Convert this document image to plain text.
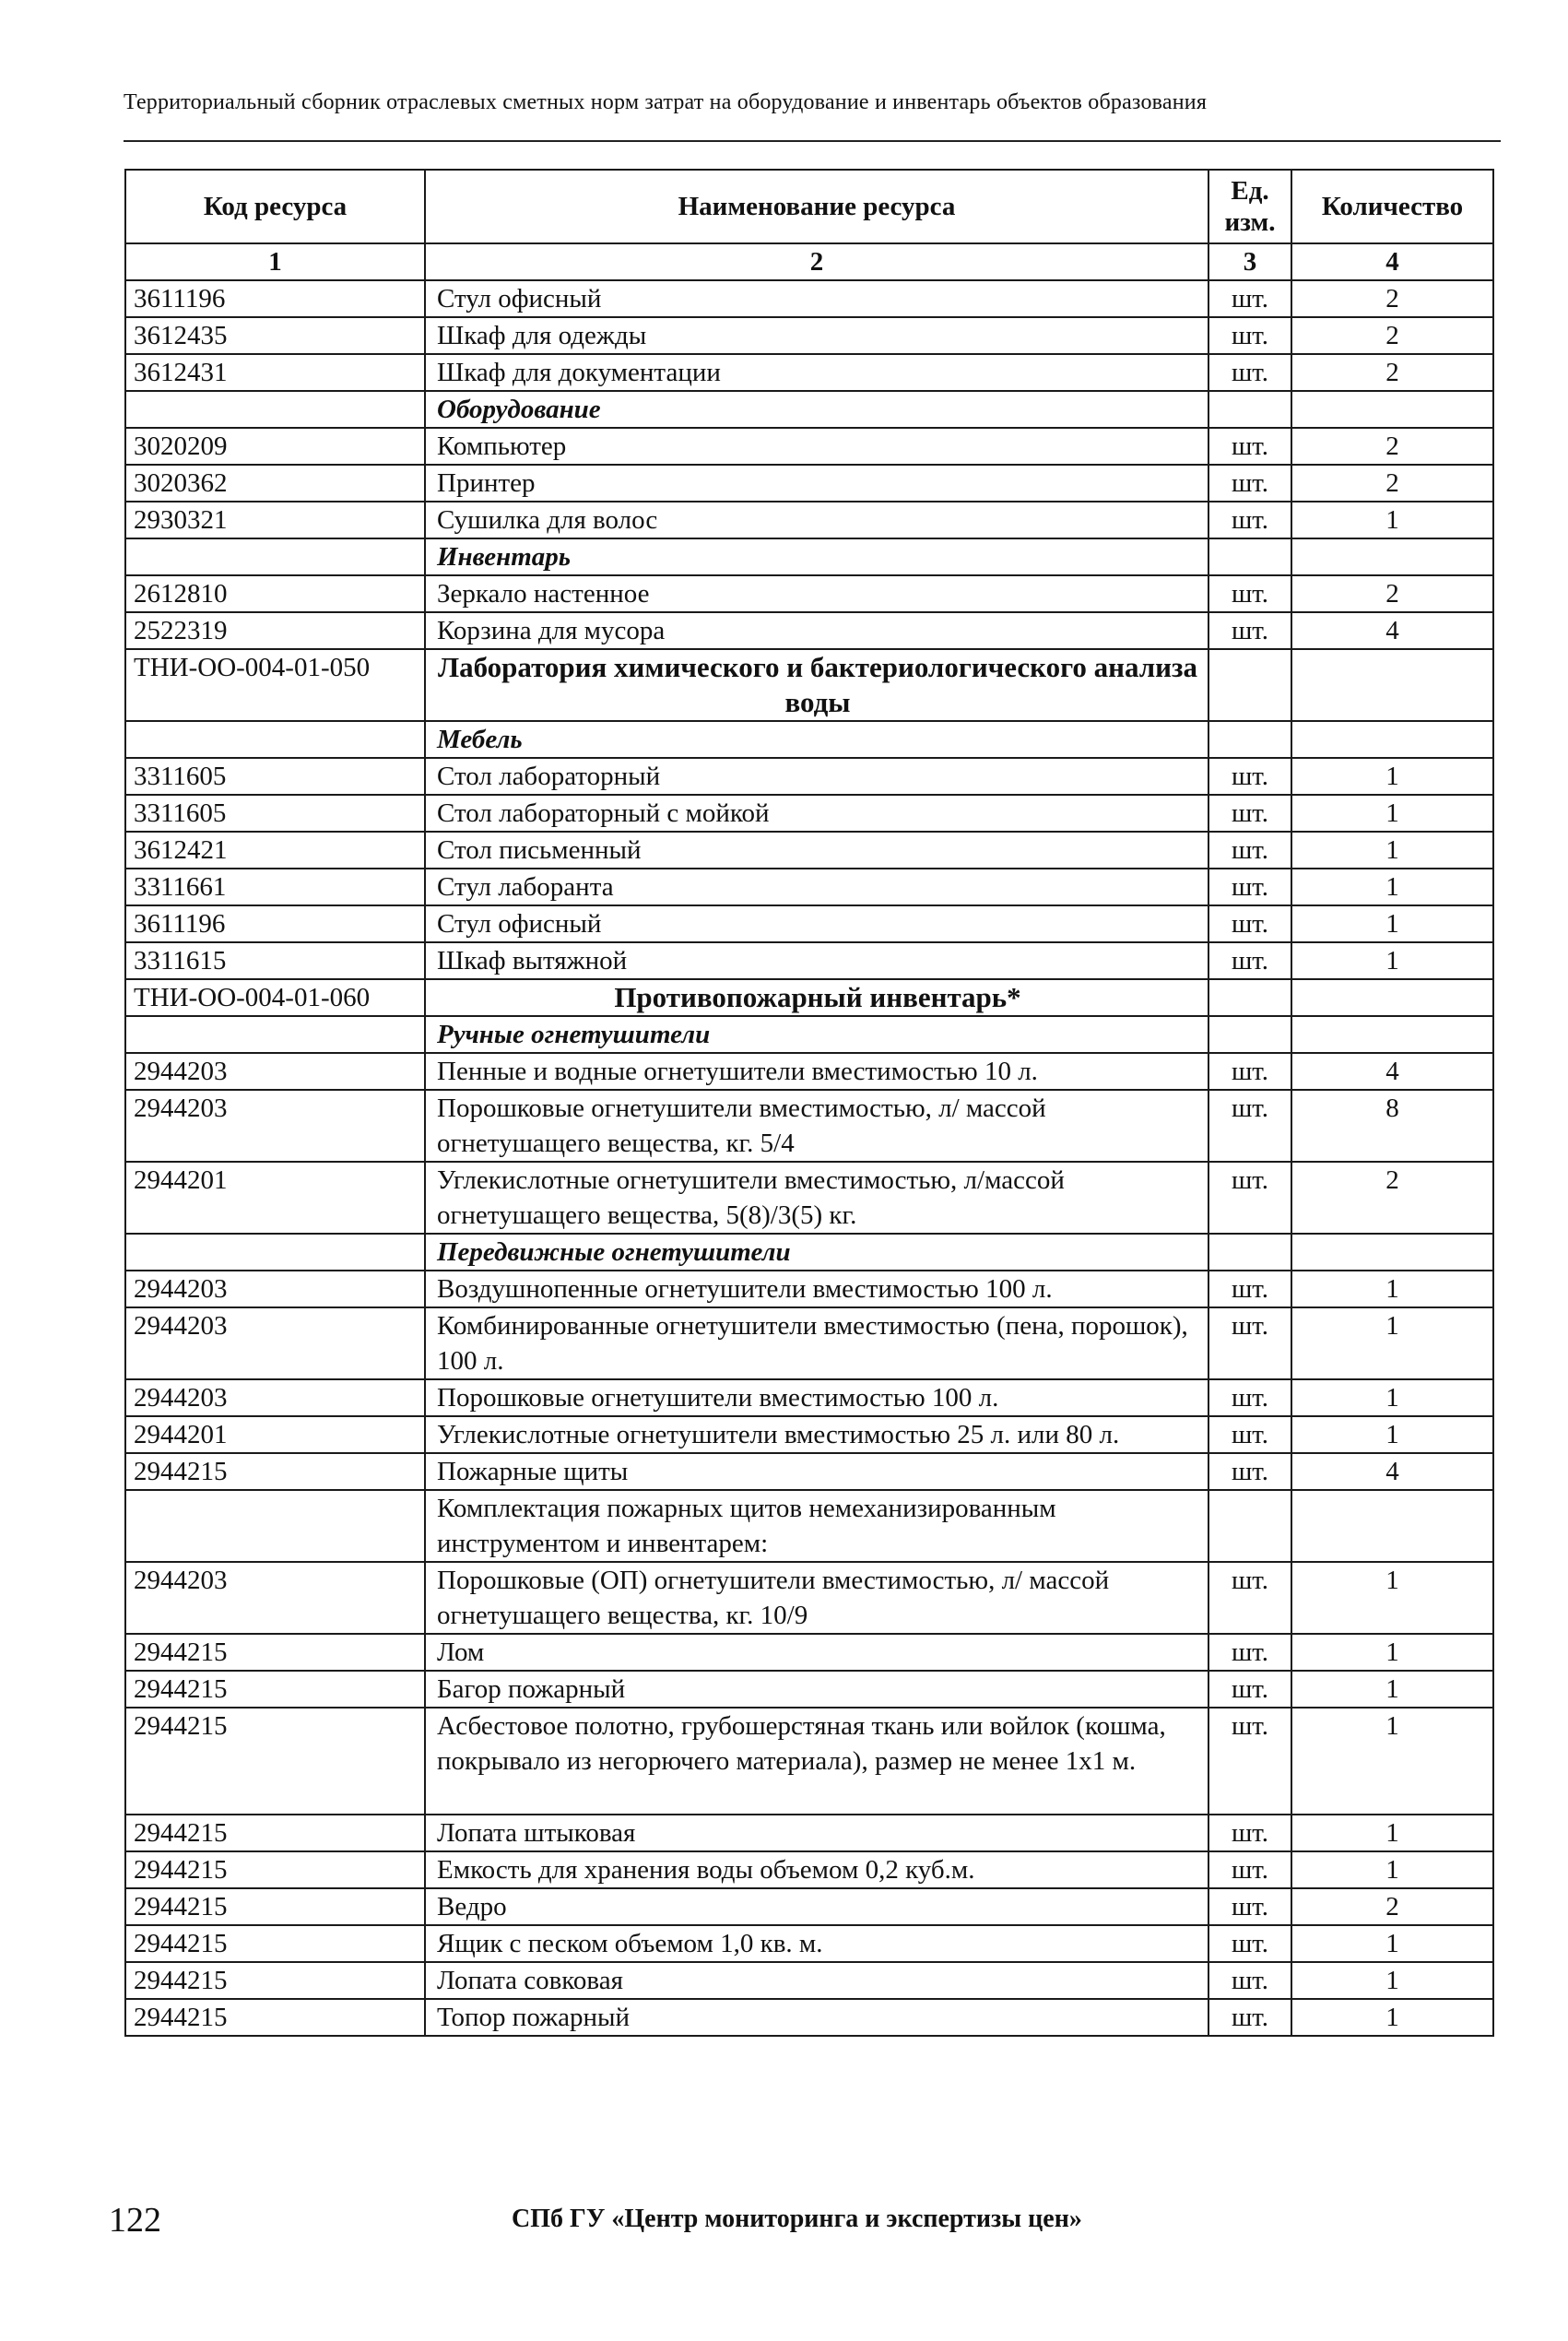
Территориальный сборник отраслевых сметных норм затрат на оборудование и инвентарь объектов образования
Код ресурса	Наименование ресурса	Ед. изм.	Количество
1	2	3	4
3611196	Стул офисный	шт.	2
3612435	Шкаф для одежды	шт.	2
3612431	Шкаф для документации	шт.	2
	Оборудование		
3020209	Компьютер	шт.	2
3020362	Принтер	шт.	2
2930321	Сушилка для волос	шт.	1
	Инвентарь		
2612810	Зеркало настенное	шт.	2
2522319	Корзина для мусора	шт.	4
ТНИ-ОО-004-01-050	Лаборатория химического и бактериологического анализа воды		
	Мебель		
3311605	Стол лабораторный	шт.	1
3311605	Стол лабораторный с мойкой	шт.	1
3612421	Стол письменный	шт.	1
3311661	Стул лаборанта	шт.	1
3611196	Стул офисный	шт.	1
3311615	Шкаф вытяжной	шт.	1
ТНИ-ОО-004-01-060	Противопожарный инвентарь*		
	Ручные огнетушители		
2944203	Пенные и водные огнетушители вместимостью 10 л.	шт.	4
2944203	Порошковые огнетушители вместимостью, л/ массой огнетушащего вещества, кг. 5/4	шт.	8
2944201	Углекислотные огнетушители вместимостью, л/массой огнетушащего вещества, 5(8)/3(5) кг.	шт.	2
	Передвижные огнетушители		
2944203	Воздушнопенные огнетушители вместимостью 100 л.	шт.	1
2944203	Комбинированные огнетушители вместимостью (пена, порошок), 100 л.	шт.	1
2944203	Порошковые огнетушители вместимостью 100 л.	шт.	1
2944201	Углекислотные огнетушители вместимостью 25 л. или 80 л.	шт.	1
2944215	Пожарные щиты	шт.	4
	Комплектация пожарных щитов немеханизированным инструментом и инвентарем:		
2944203	Порошковые (ОП) огнетушители вместимостью, л/ массой огнетушащего вещества, кг. 10/9	шт.	1
2944215	Лом	шт.	1
2944215	Багор пожарный	шт.	1
2944215	Асбестовое полотно, грубошерстяная ткань или войлок (кошма, покрывало из негорючего материала), размер не менее 1х1 м.	шт.	1
2944215	Лопата штыковая	шт.	1
2944215	Емкость для хранения воды объемом 0,2 куб.м.	шт.	1
2944215	Ведро	шт.	2
2944215	Ящик с песком объемом 1,0 кв. м.	шт.	1
2944215	Лопата совковая	шт.	1
2944215	Топор пожарный	шт.	1
122	СПб ГУ «Центр мониторинга и экспертизы цен»
